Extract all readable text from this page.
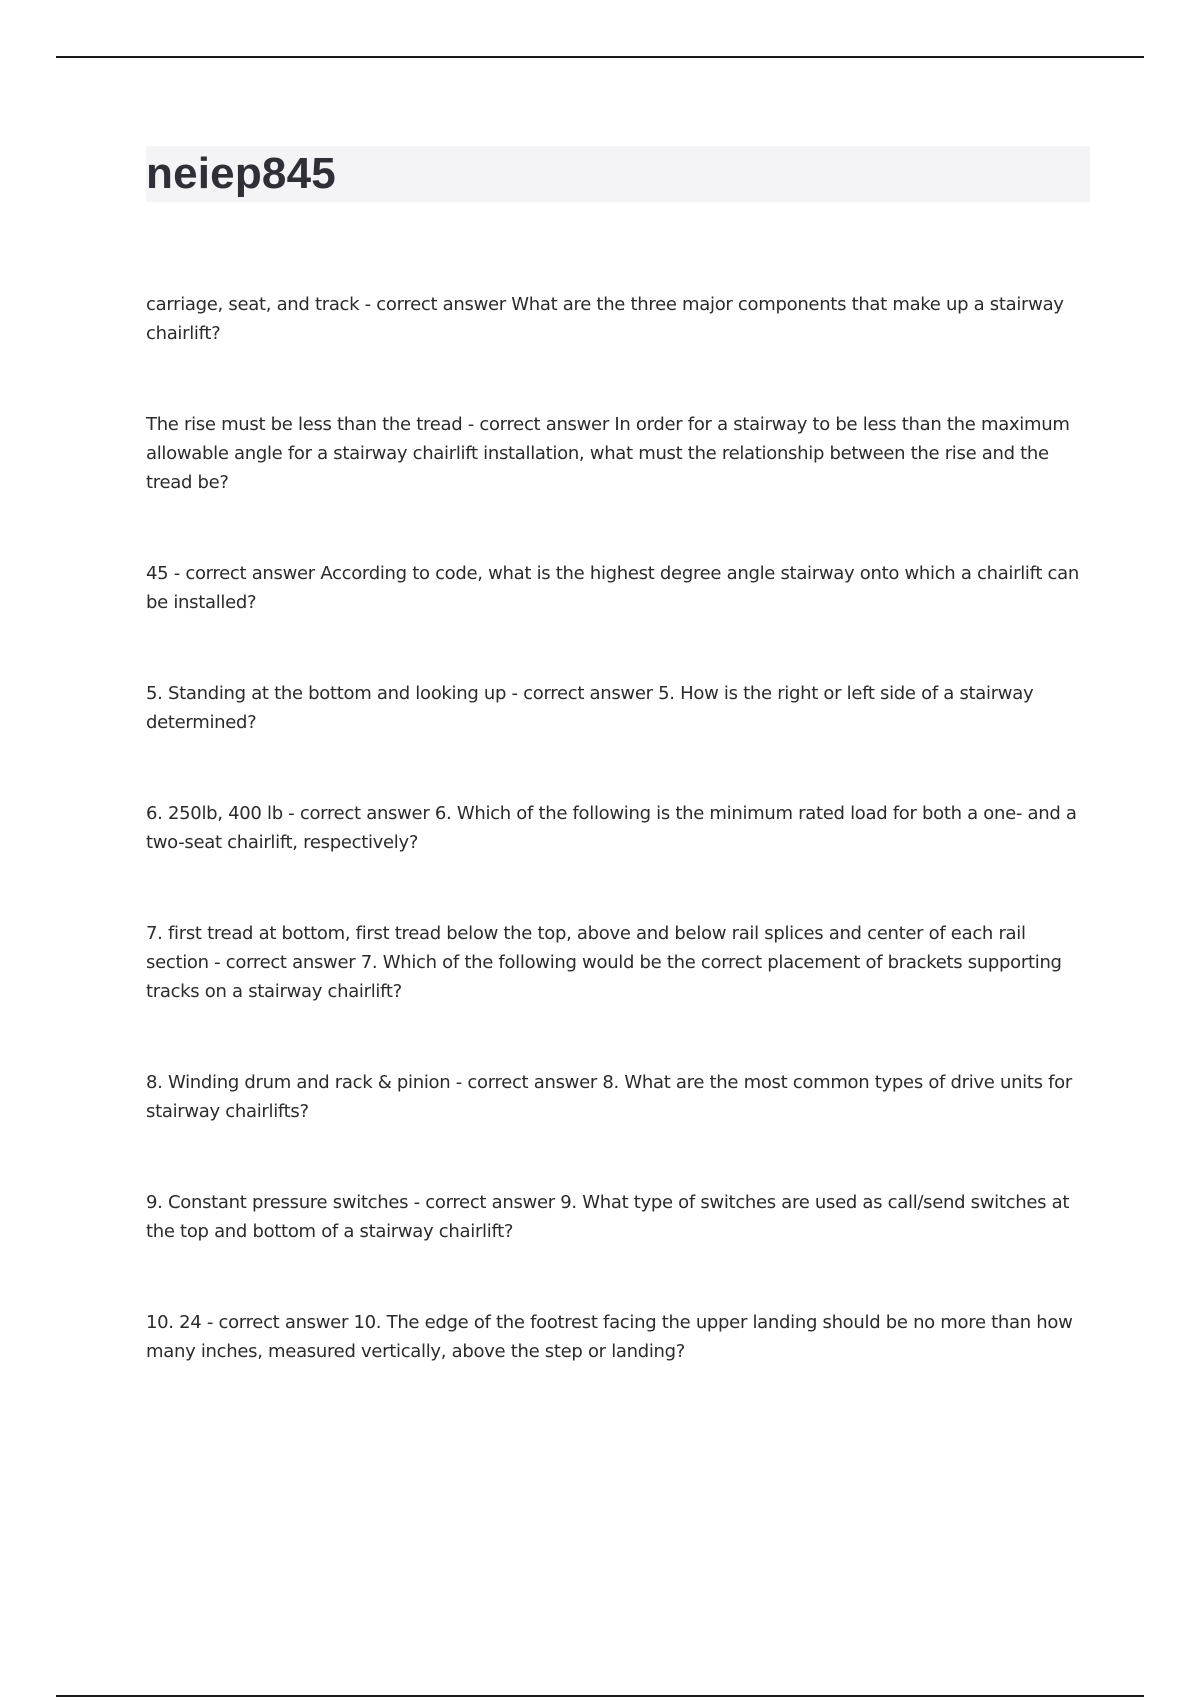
neiep845
carriage, seat, and track - correct answer What are the three major components that make up a stairway chairlift?
The rise must be less than the tread - correct answer In order for a stairway to be less than the maximum allowable angle for a stairway chairlift installation, what must the relationship between the rise and the tread be?
45 - correct answer According to code, what is the highest degree angle stairway onto which a chairlift can be installed?
5. Standing at the bottom and looking up - correct answer 5. How is the right or left side of a stairway determined?
6. 250lb, 400 lb - correct answer 6. Which of the following is the minimum rated load for both a one- and a two-seat chairlift, respectively?
7. first tread at bottom, first tread below the top, above and below rail splices and center of each rail section - correct answer 7. Which of the following would be the correct placement of brackets supporting tracks on a stairway chairlift?
8. Winding drum and rack & pinion - correct answer 8. What are the most common types of drive units for stairway chairlifts?
9. Constant pressure switches - correct answer 9. What type of switches are used as call/send switches at the top and bottom of a stairway chairlift?
10. 24 - correct answer 10. The edge of the footrest facing the upper landing should be no more than how many inches, measured vertically, above the step or landing?
